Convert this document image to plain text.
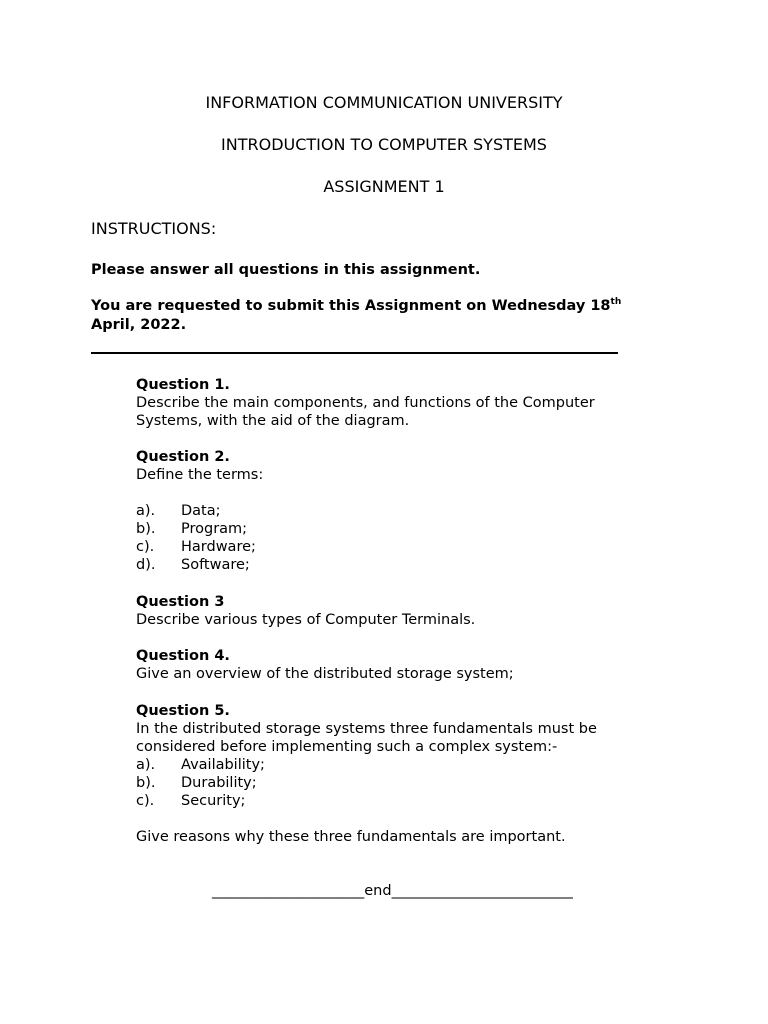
INFORMATION COMMUNICATION UNIVERSITY
INTRODUCTION TO COMPUTER SYSTEMS
ASSIGNMENT 1
INSTRUCTIONS:
Please answer all questions in this assignment.
You are requested to submit this Assignment on Wednesday 18th
April, 2022.
Question 1.
Describe the main components, and functions of the Computer Systems, with the aid of the diagram.
Question 2.
Define the terms:
a).	Data;
b).	Program;
c).	Hardware;
d).	Software;
Question 3
Describe various types of Computer Terminals.
Question 4.
Give an overview of the distributed storage system;
Question 5.
In the distributed storage systems three fundamentals must be considered before implementing such a complex system:-
a).	Availability;
b).	Durability;
c).	Security;
Give reasons why these three fundamentals are important.
_____________________end_________________________
